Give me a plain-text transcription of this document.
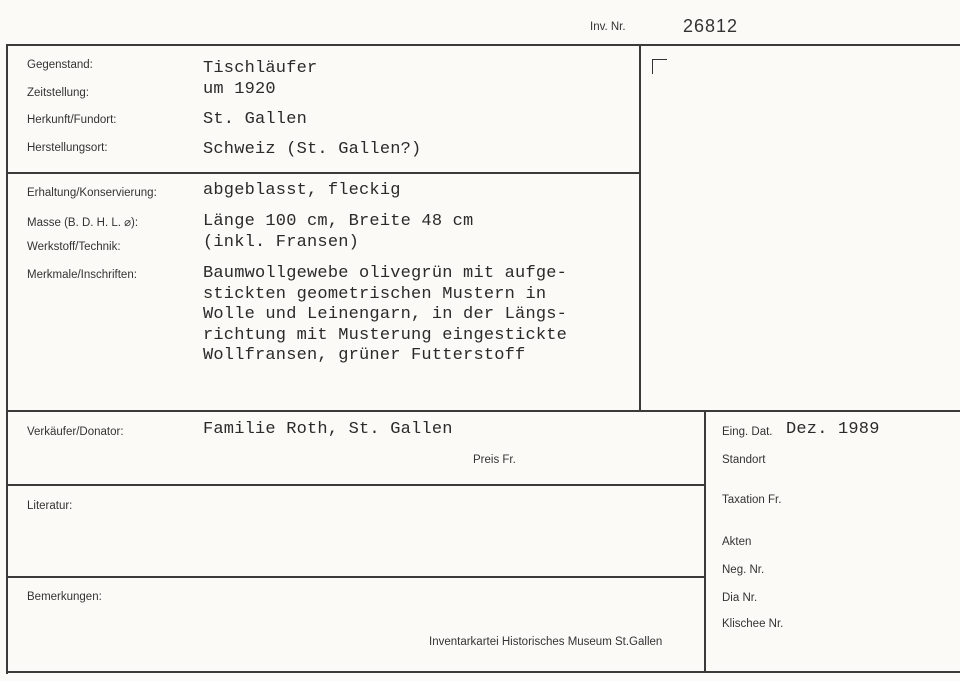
Inv. Nr.	26812
Gegenstand:
Zeitstellung:
Herkunft/Fundort:
Herstellungsort:
Tischläufer
um 1920
St. Gallen
Schweiz (St. Gallen?)
Erhaltung/Konservierung:
Masse (B. D. H. L. ⌀):
Werkstoff/Technik:
Merkmale/Inschriften:
abgeblasst, fleckig
Länge 100 cm, Breite 48 cm
(inkl. Fransen)
Baumwollgewebe olivegrün mit aufge-
stickten geometrischen Mustern in
Wolle und Leinengarn, in der Längs-
richtung mit Musterung eingestickte
Wollfransen, grüner Futterstoff
Verkäufer/Donator:	Familie Roth, St. Gallen
Preis Fr.
Literatur:
Bemerkungen:
Inventarkartei Historisches Museum St.Gallen
Eing. Dat. Dez. 1989
Standort
Taxation Fr.
Akten
Neg. Nr.
Dia Nr.
Klischee Nr.
